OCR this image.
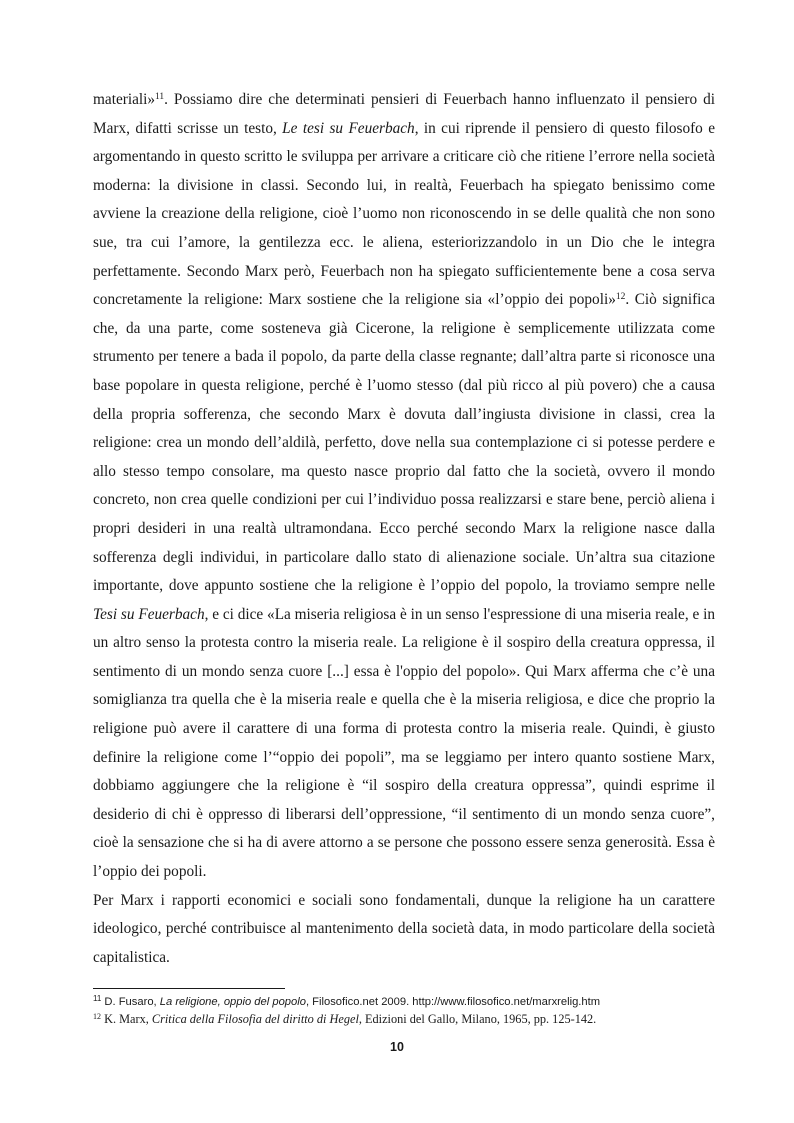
materiali»$^{11}$. Possiamo dire che determinati pensieri di Feuerbach hanno influenzato il pensiero di Marx, difatti scrisse un testo, Le tesi su Feuerbach, in cui riprende il pensiero di questo filosofo e argomentando in questo scritto le sviluppa per arrivare a criticare ciò che ritiene l’errore nella società moderna: la divisione in classi. Secondo lui, in realtà, Feuerbach ha spiegato benissimo come avviene la creazione della religione, cioè l’uomo non riconoscendo in se delle qualità che non sono sue, tra cui l’amore, la gentilezza ecc. le aliena, esteriorizzandolo in un Dio che le integra perfettamente. Secondo Marx però, Feuerbach non ha spiegato sufficientemente bene a cosa serva concretamente la religione: Marx sostiene che la religione sia «l’oppio dei popoli»$^{12}$. Ciò significa che, da una parte, come sosteneva già Cicerone, la religione è semplicemente utilizzata come strumento per tenere a bada il popolo, da parte della classe regnante; dall’altra parte si riconosce una base popolare in questa religione, perché è l’uomo stesso (dal più ricco al più povero) che a causa della propria sofferenza, che secondo Marx è dovuta dall’ingiusta divisione in classi, crea la religione: crea un mondo dell’aldilà, perfetto, dove nella sua contemplazione ci si potesse perdere e allo stesso tempo consolare, ma questo nasce proprio dal fatto che la società, ovvero il mondo concreto, non crea quelle condizioni per cui l’individuo possa realizzarsi e stare bene, perciò aliena i propri desideri in una realtà ultramondana. Ecco perché secondo Marx la religione nasce dalla sofferenza degli individui, in particolare dallo stato di alienazione sociale. Un’altra sua citazione importante, dove appunto sostiene che la religione è l’oppio del popolo, la troviamo sempre nelle Tesi su Feuerbach, e ci dice «La miseria religiosa è in un senso l'espressione di una miseria reale, e in un altro senso la protesta contro la miseria reale. La religione è il sospiro della creatura oppressa, il sentimento di un mondo senza cuore [...] essa è l'oppio del popolo». Qui Marx afferma che c’è una somiglianza tra quella che è la miseria reale e quella che è la miseria religiosa, e dice che proprio la religione può avere il carattere di una forma di protesta contro la miseria reale. Quindi, è giusto definire la religione come l’“oppio dei popoli”, ma se leggiamo per intero quanto sostiene Marx, dobbiamo aggiungere che la religione è “il sospiro della creatura oppressa”, quindi esprime il desiderio di chi è oppresso di liberarsi dell’oppressione, “il sentimento di un mondo senza cuore”, cioè la sensazione che si ha di avere attorno a se persone che possono essere senza generosità. Essa è l’oppio dei popoli.

Per Marx i rapporti economici e sociali sono fondamentali, dunque la religione ha un carattere ideologico, perché contribuisce al mantenimento della società data, in modo particolare della società capitalistica.

$^{11}$ D. Fusaro, La religione, oppio del popolo, Filosofico.net 2009. http://www.filosofico.net/marxrelig.htm
$^{12}$ K. Marx, Critica della Filosofia del diritto di Hegel, Edizioni del Gallo, Milano, 1965, pp. 125-142.
10
